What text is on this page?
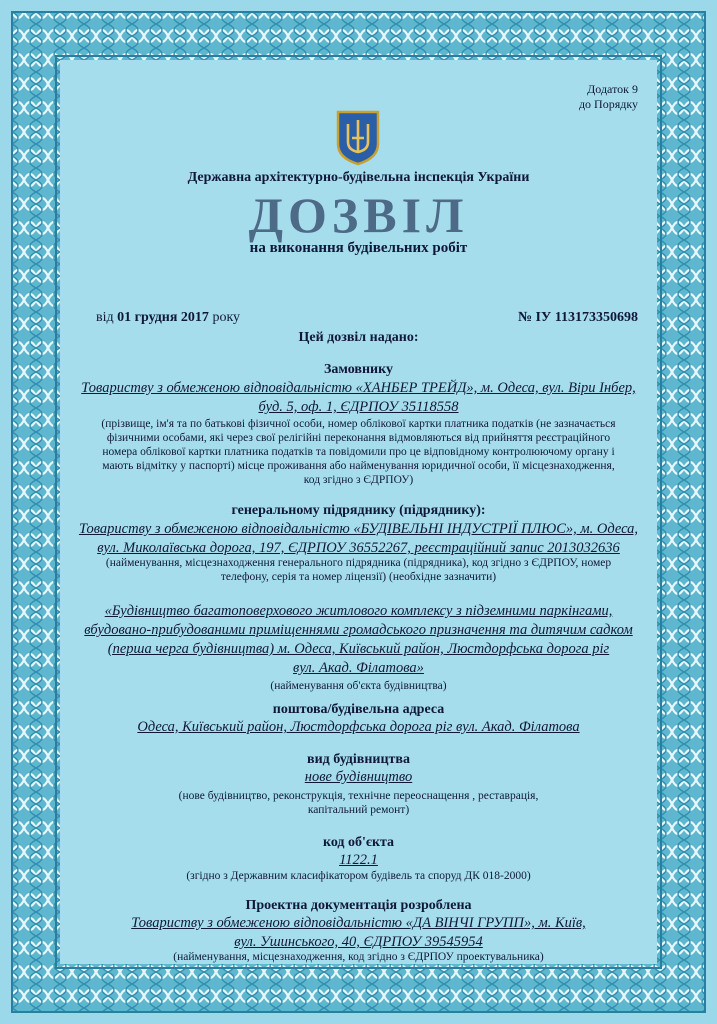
Додаток 9
до Порядку
Державна архітектурно-будівельна інспекція України
ДОЗВІЛ
на виконання будівельних робіт
від 01 грудня 2017 року	№ ІУ 113173350698
Цей дозвіл надано:
Замовнику
Товариству з обмеженою відповідальністю «ХАНБЕР ТРЕЙД», м. Одеса, вул. Віри Інбер,
буд. 5, оф. 1, ЄДРПОУ 35118558
(прізвище, ім'я та по батькові фізичної особи, номер облікової картки платника податків (не зазначається
фізичними особами, які через свої релігійні переконання відмовляються від прийняття реєстраційного
номера облікової картки платника податків та повідомили про це відповідному контролюючому органу і
мають відмітку у паспорті) місце проживання або найменування юридичної особи, її місцезнаходження,
код згідно з ЄДРПОУ)
генеральному підряднику (підряднику):
Товариству з обмеженою відповідальністю «БУДІВЕЛЬНІ ІНДУСТРІЇ ПЛЮС», м. Одеса,
вул. Миколаївська дорога, 197, ЄДРПОУ 36552267, реєстраційний запис 2013032636
(найменування, місцезнаходження генерального підрядника (підрядника), код згідно з ЄДРПОУ, номер
телефону, серія та номер ліцензії) (необхідне зазначити)
«Будівництво багатоповерхового житлового комплексу з підземними паркінгами,
вбудовано-прибудованими приміщеннями громадського призначення та дитячим садком
(перша черга будівництва) м. Одеса, Київський район, Люстдорфська дорога ріг
вул. Акад. Філатова»
(найменування об'єкта будівництва)
поштова/будівельна адреса
Одеса, Київський район, Люстдорфська дорога ріг вул. Акад. Філатова
вид будівництва
нове будівництво
(нове будівництво, реконструкція, технічне переоснащення , реставрація,
капітальний ремонт)
код об'єкта
1122.1
(згідно з Державним класифікатором будівель та споруд ДК 018-2000)
Проектна документація розроблена
Товариству з обмеженою відповідальністю «ДА ВІНЧІ ГРУПП», м. Київ,
вул. Ушинського, 40, ЄДРПОУ 39545954
(найменування, місцезнаходження, код згідно з ЄДРПОУ проектувальника)
